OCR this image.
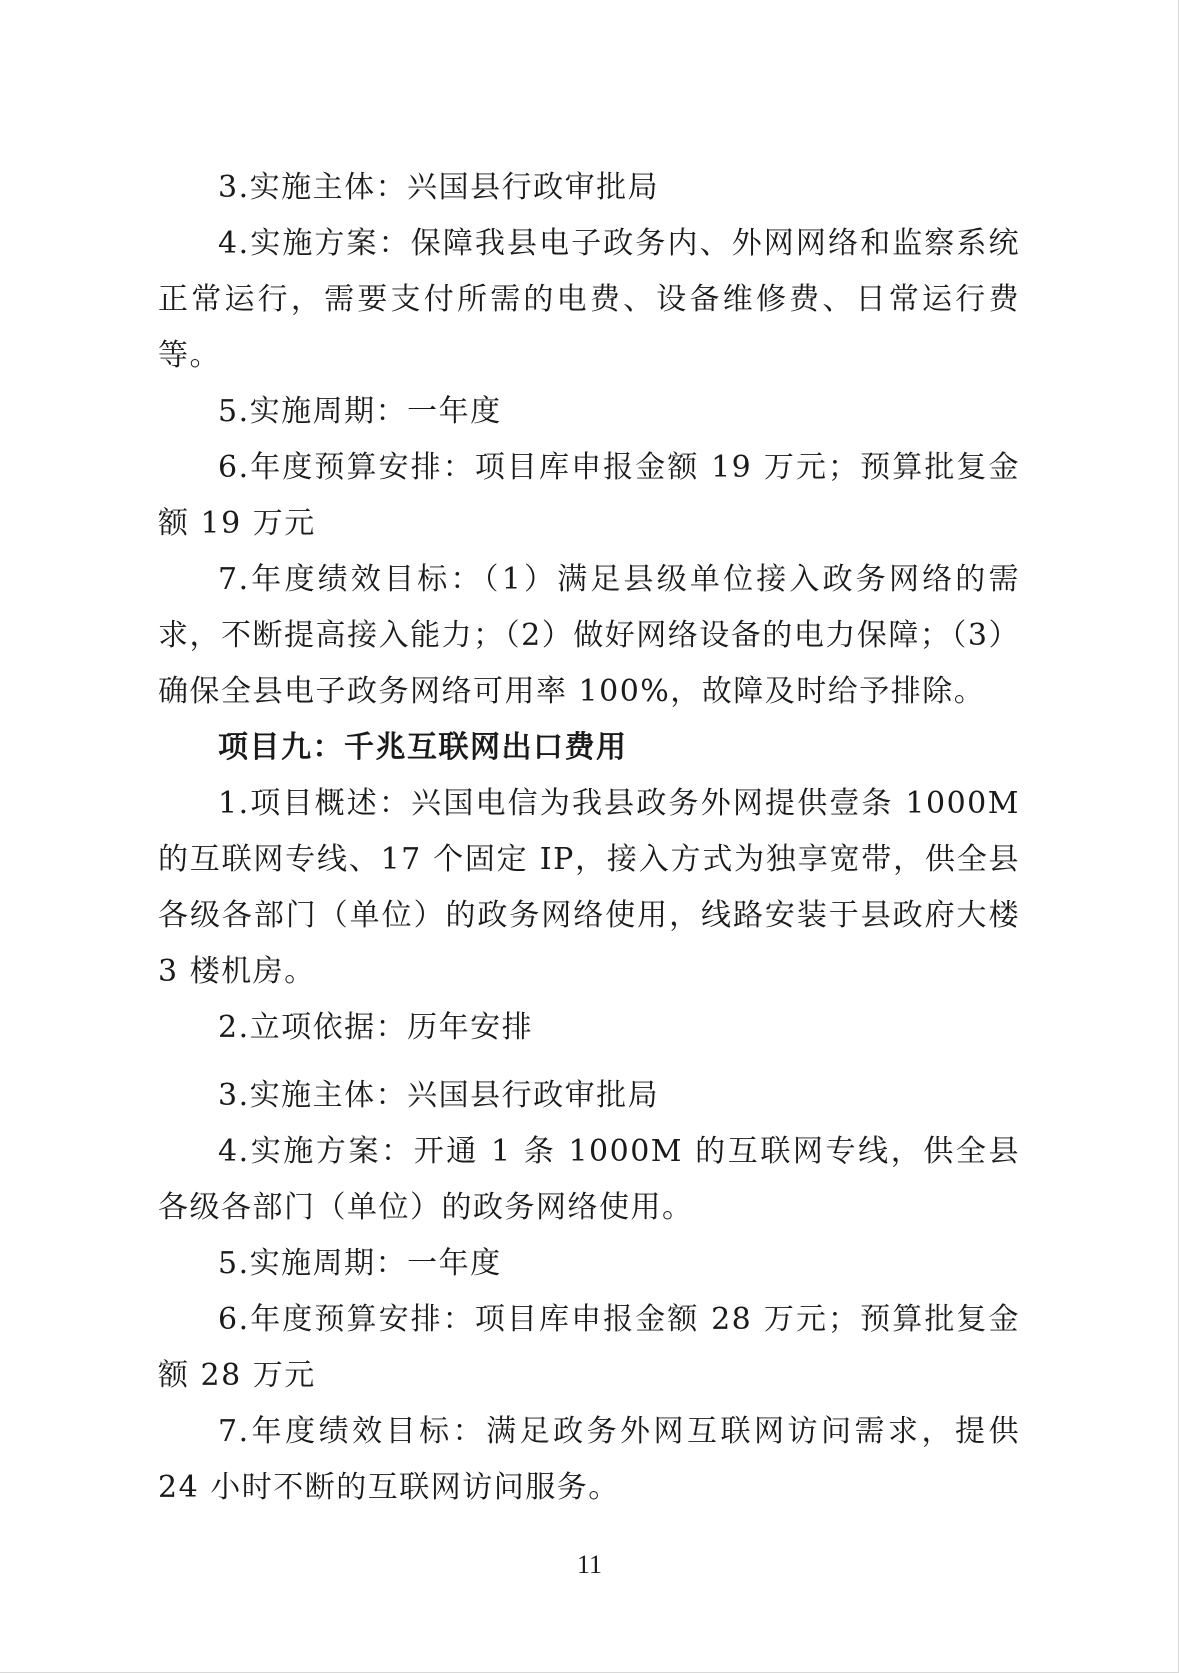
3.实施主体：兴国县行政审批局

4.实施方案：保障我县电子政务内、外网网络和监察系统正常运行，需要支付所需的电费、设备维修费、日常运行费等。

5.实施周期：一年度

6.年度预算安排：项目库申报金额 19 万元；预算批复金额 19 万元

7.年度绩效目标：（1）满足县级单位接入政务网络的需求，不断提高接入能力；（2）做好网络设备的电力保障；（3）确保全县电子政务网络可用率 100%，故障及时给予排除。

项目九：千兆互联网出口费用

1.项目概述：兴国电信为我县政务外网提供壹条 1000M 的互联网专线、17 个固定 IP，接入方式为独享宽带，供全县各级各部门（单位）的政务网络使用，线路安装于县政府大楼 3 楼机房。

2.立项依据：历年安排

3.实施主体：兴国县行政审批局

4.实施方案：开通 1 条 1000M 的互联网专线，供全县各级各部门（单位）的政务网络使用。

5.实施周期：一年度

6.年度预算安排：项目库申报金额 28 万元；预算批复金额 28 万元

7.年度绩效目标：满足政务外网互联网访问需求，提供 24 小时不断的互联网访问服务。

11
